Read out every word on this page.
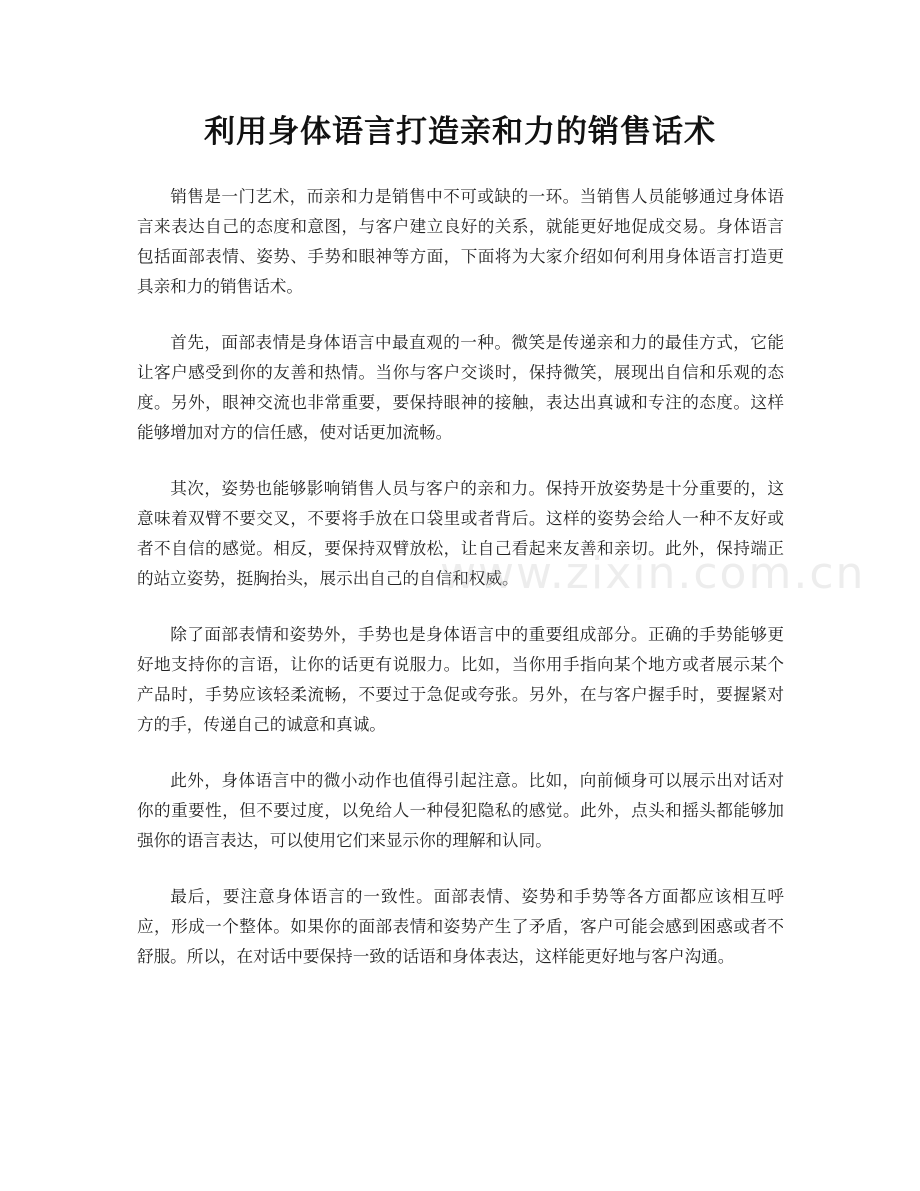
利用身体语言打造亲和力的销售话术

销售是一门艺术，而亲和力是销售中不可或缺的一环。当销售人员能够通过身体语言来表达自己的态度和意图，与客户建立良好的关系，就能更好地促成交易。身体语言包括面部表情、姿势、手势和眼神等方面，下面将为大家介绍如何利用身体语言打造更具亲和力的销售话术。

首先，面部表情是身体语言中最直观的一种。微笑是传递亲和力的最佳方式，它能让客户感受到你的友善和热情。当你与客户交谈时，保持微笑，展现出自信和乐观的态度。另外，眼神交流也非常重要，要保持眼神的接触，表达出真诚和专注的态度。这样能够增加对方的信任感，使对话更加流畅。

其次，姿势也能够影响销售人员与客户的亲和力。保持开放姿势是十分重要的，这意味着双臂不要交叉，不要将手放在口袋里或者背后。这样的姿势会给人一种不友好或者不自信的感觉。相反，要保持双臂放松，让自己看起来友善和亲切。此外，保持端正的站立姿势，挺胸抬头，展示出自己的自信和权威。

除了面部表情和姿势外，手势也是身体语言中的重要组成部分。正确的手势能够更好地支持你的言语，让你的话更有说服力。比如，当你用手指向某个地方或者展示某个产品时，手势应该轻柔流畅，不要过于急促或夸张。另外，在与客户握手时，要握紧对方的手，传递自己的诚意和真诚。

此外，身体语言中的微小动作也值得引起注意。比如，向前倾身可以展示出对话对你的重要性，但不要过度，以免给人一种侵犯隐私的感觉。此外，点头和摇头都能够加强你的语言表达，可以使用它们来显示你的理解和认同。

最后，要注意身体语言的一致性。面部表情、姿势和手势等各方面都应该相互呼应，形成一个整体。如果你的面部表情和姿势产生了矛盾，客户可能会感到困惑或者不舒服。所以，在对话中要保持一致的话语和身体表达，这样能更好地与客户沟通。

www.zixin.com.cn
